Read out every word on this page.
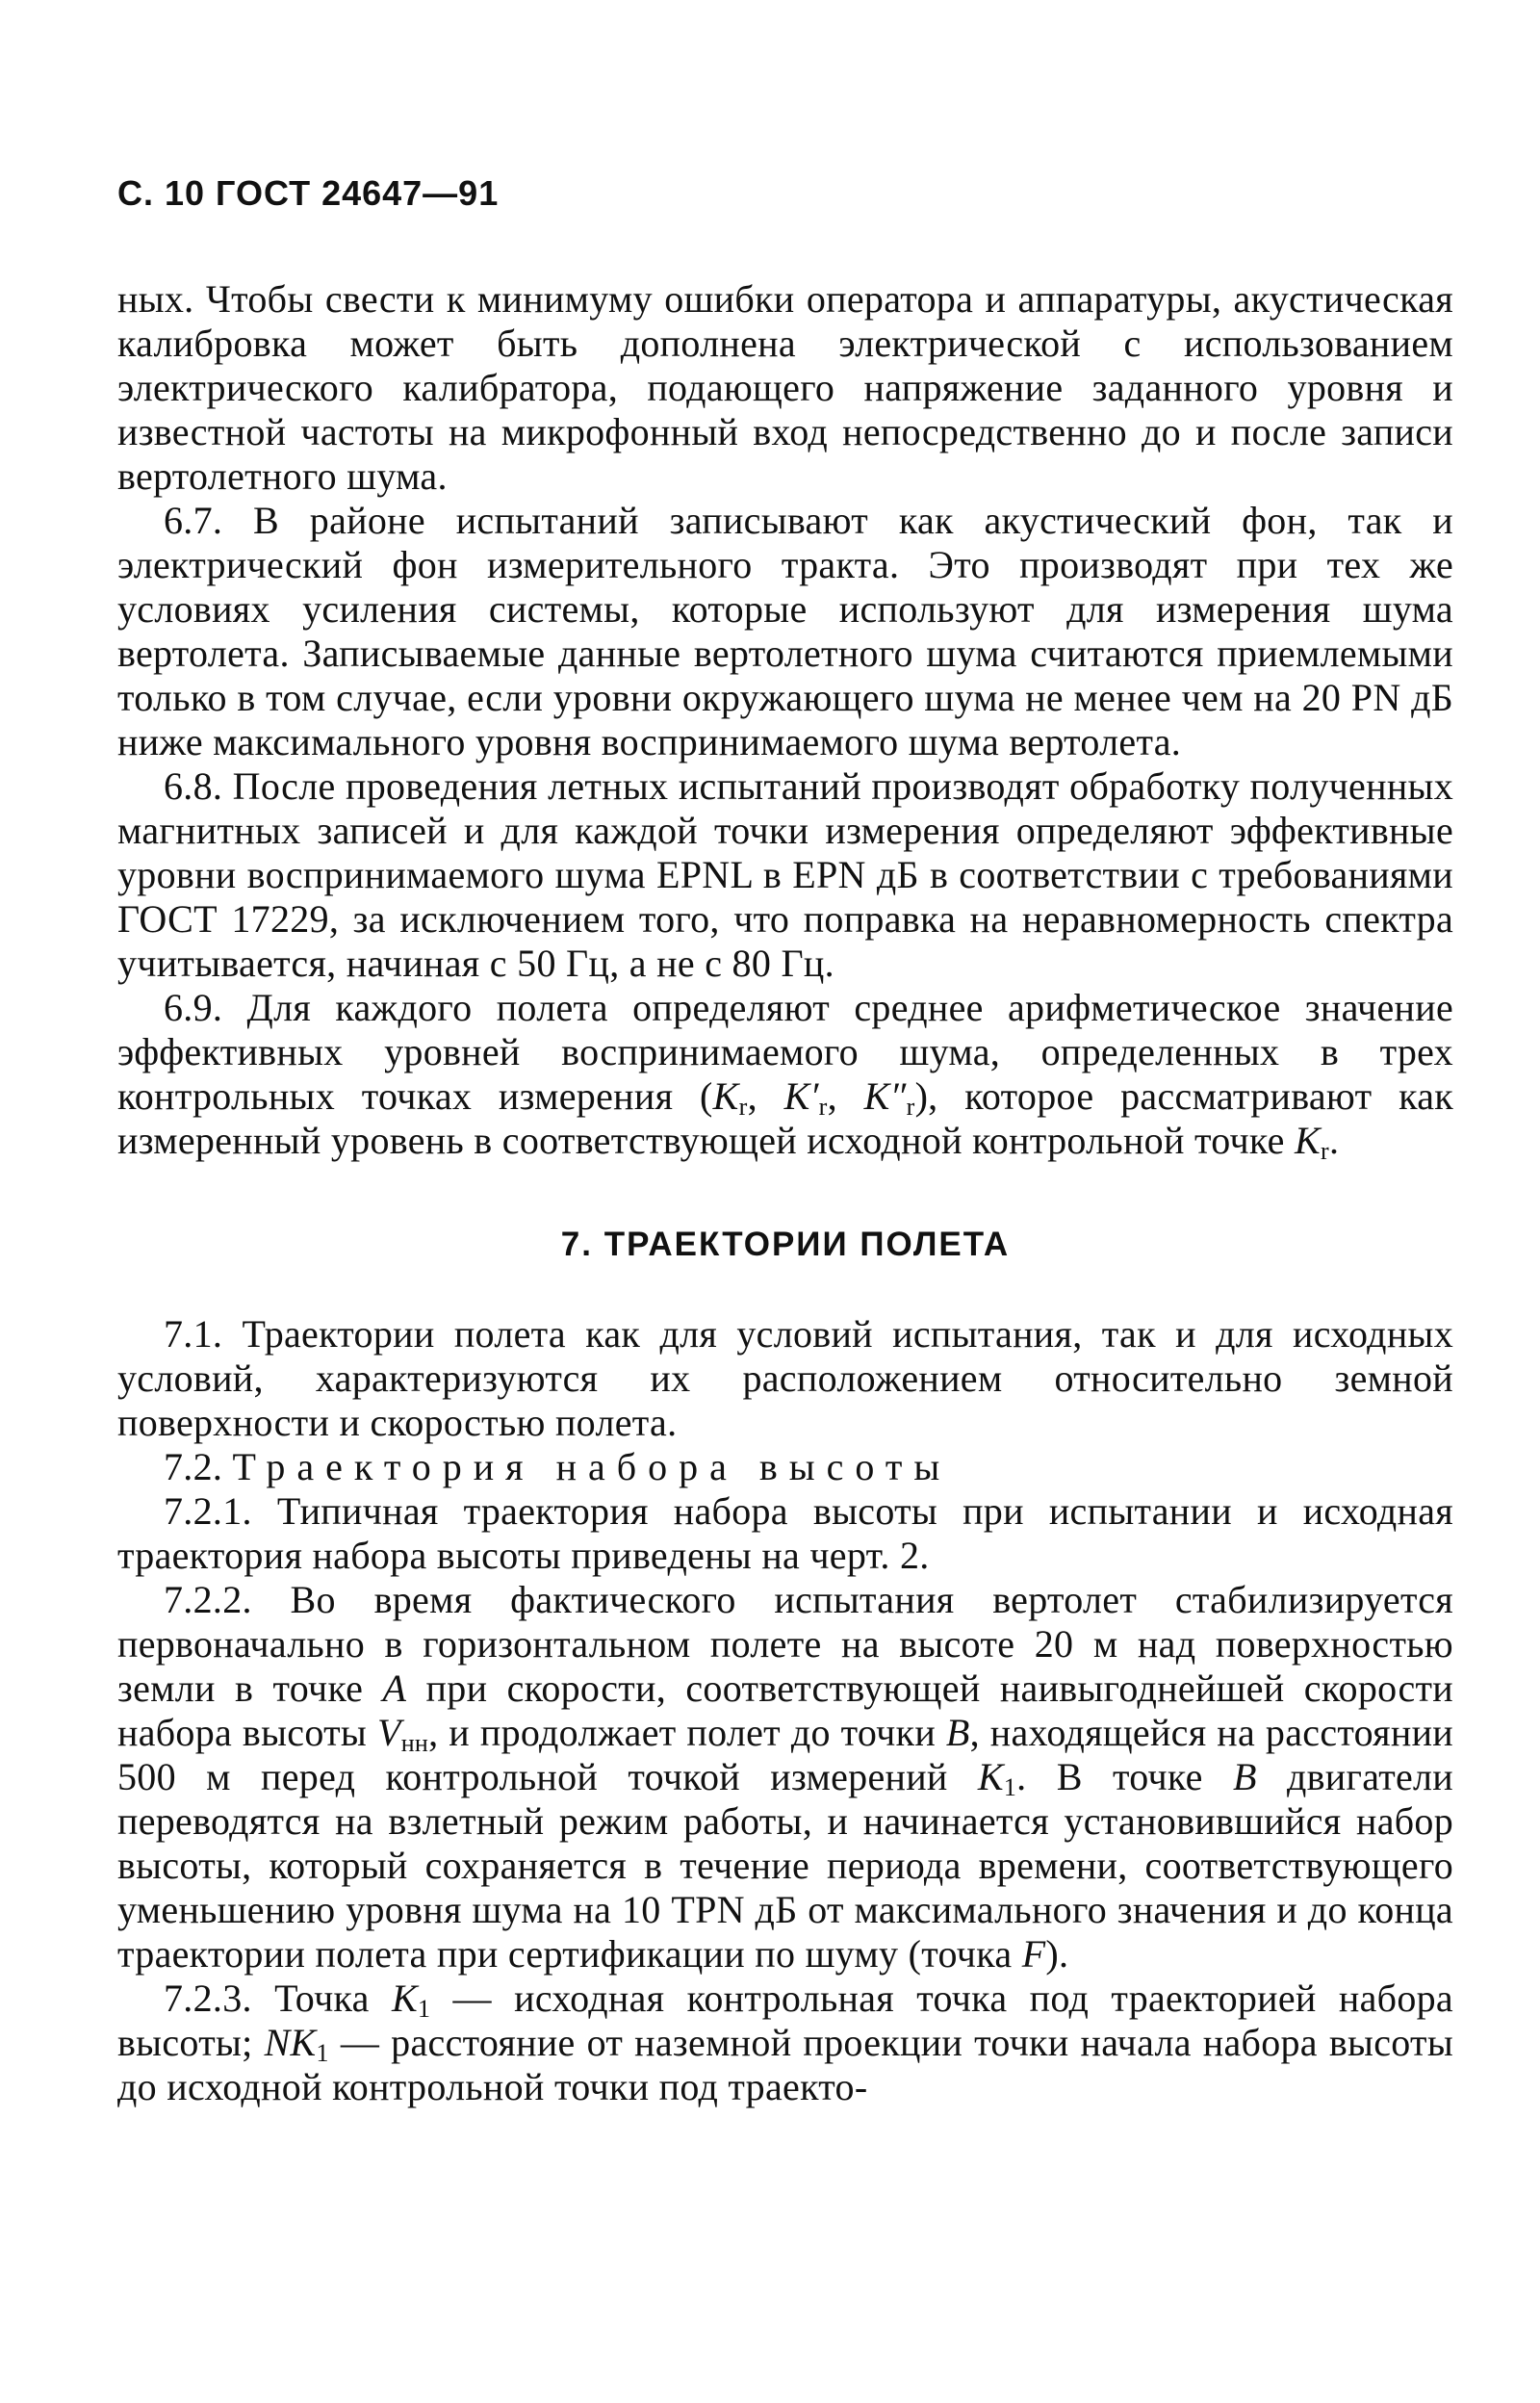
С. 10 ГОСТ 24647—91

ных. Чтобы свести к минимуму ошибки оператора и аппаратуры, акустическая калибровка может быть дополнена электрической с использованием электрического калибратора, подающего напряжение заданного уровня и известной частоты на микрофонный вход непосредственно до и после записи вертолетного шума.

6.7. В районе испытаний записывают как акустический фон, так и электрический фон измерительного тракта. Это производят при тех же условиях усиления системы, которые используют для измерения шума вертолета. Записываемые данные вертолетного шума считаются приемлемыми только в том случае, если уровни окружающего шума не менее чем на 20 PN дБ ниже максимального уровня воспринимаемого шума вертолета.

6.8. После проведения летных испытаний производят обработку полученных магнитных записей и для каждой точки измерения определяют эффективные уровни воспринимаемого шума EPNL в EPN дБ в соответствии с требованиями ГОСТ 17229, за исключением того, что поправка на неравномерность спектра учитывается, начиная с 50 Гц, а не с 80 Гц.

6.9. Для каждого полета определяют среднее арифметическое значение эффективных уровней воспринимаемого шума, определенных в трех контрольных точках измерения ($K_r$, $K'_r$, $K''_r$), которое рассматривают как измеренный уровень в соответствующей исходной контрольной точке $K_r$.

7. ТРАЕКТОРИИ ПОЛЕТА

7.1. Траектории полета как для условий испытания, так и для исходных условий, характеризуются их расположением относительно земной поверхности и скоростью полета.

7.2. Траектория набора высоты

7.2.1. Типичная траектория набора высоты при испытании и исходная траектория набора высоты приведены на черт. 2.

7.2.2. Во время фактического испытания вертолет стабилизируется первоначально в горизонтальном полете на высоте 20 м над поверхностью земли в точке A при скорости, соответствующей наивыгоднейшей скорости набора высоты $V_{нн}$, и продолжает полет до точки B, находящейся на расстоянии 500 м перед контрольной точкой измерений $K_1$. В точке B двигатели переводятся на взлетный режим работы, и начинается установившийся набор высоты, который сохраняется в течение периода времени, соответствующего уменьшению уровня шума на 10 TPN дБ от максимального значения и до конца траектории полета при сертификации по шуму (точка F).

7.2.3. Точка $K_1$ — исходная контрольная точка под траекторией набора высоты; $NK_1$ — расстояние от наземной проекции точки начала набора высоты до исходной контрольной точки под траекто-
